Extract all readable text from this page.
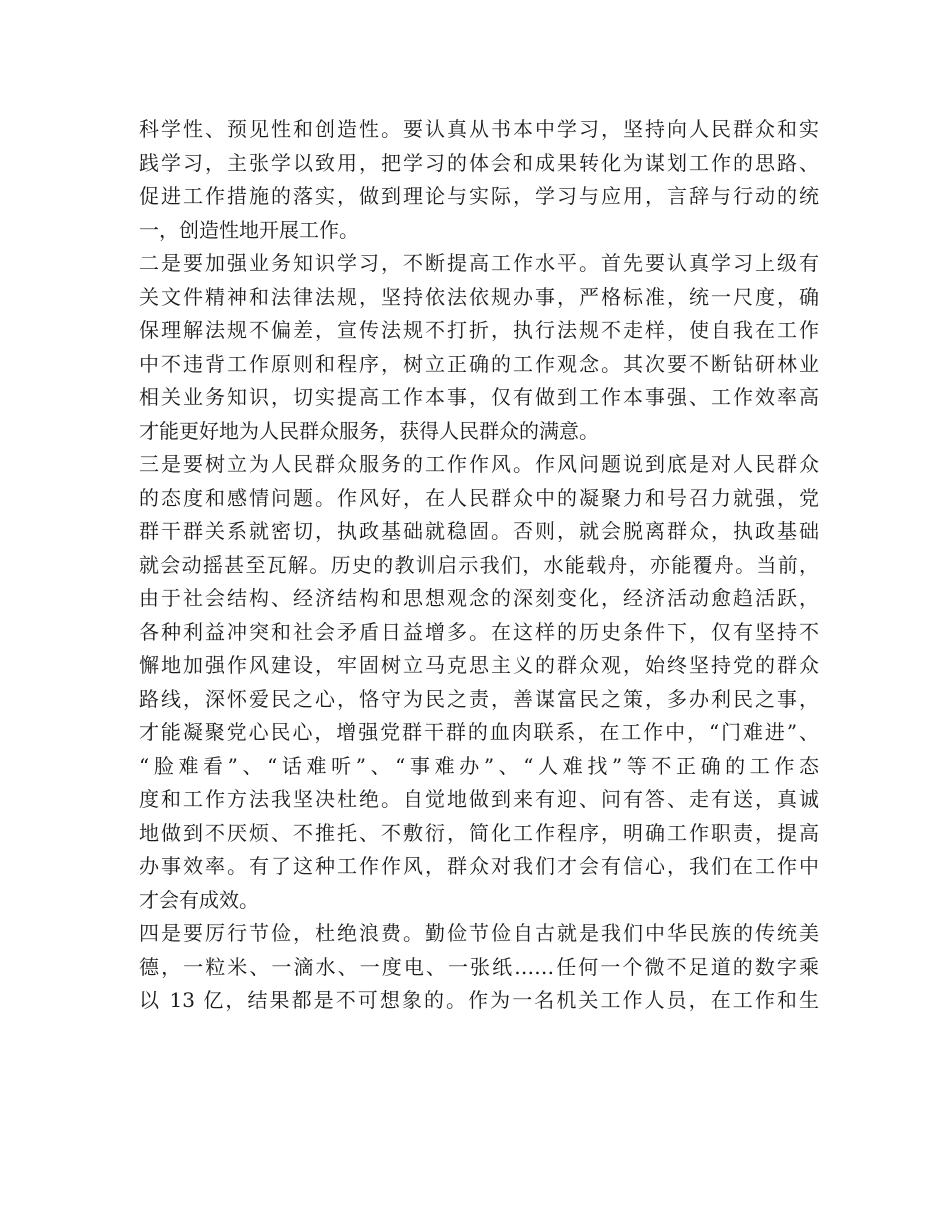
科学性、预见性和创造性。要认真从书本中学习，坚持向人民群众和实
践学习，主张学以致用，把学习的体会和成果转化为谋划工作的思路、
促进工作措施的落实，做到理论与实际，学习与应用，言辞与行动的统
一，创造性地开展工作。
二是要加强业务知识学习，不断提高工作水平。首先要认真学习上级有
关文件精神和法律法规，坚持依法依规办事，严格标准，统一尺度，确
保理解法规不偏差，宣传法规不打折，执行法规不走样，使自我在工作
中不违背工作原则和程序，树立正确的工作观念。其次要不断钻研林业
相关业务知识，切实提高工作本事，仅有做到工作本事强、工作效率高
才能更好地为人民群众服务，获得人民群众的满意。
三是要树立为人民群众服务的工作作风。作风问题说到底是对人民群众
的态度和感情问题。作风好，在人民群众中的凝聚力和号召力就强，党
群干群关系就密切，执政基础就稳固。否则，就会脱离群众，执政基础
就会动摇甚至瓦解。历史的教训启示我们，水能载舟，亦能覆舟。当前，
由于社会结构、经济结构和思想观念的深刻变化，经济活动愈趋活跃，
各种利益冲突和社会矛盾日益增多。在这样的历史条件下，仅有坚持不
懈地加强作风建设，牢固树立马克思主义的群众观，始终坚持党的群众
路线，深怀爱民之心，恪守为民之责，善谋富民之策，多办利民之事，
才能凝聚党心民心，增强党群干群的血肉联系，在工作中，“门难进”、
“脸难看”、“话难听”、“事难办”、“人难找”等不正确的工作态
度和工作方法我坚决杜绝。自觉地做到来有迎、问有答、走有送，真诚
地做到不厌烦、不推托、不敷衍，简化工作程序，明确工作职责，提高
办事效率。有了这种工作作风，群众对我们才会有信心，我们在工作中
才会有成效。
四是要厉行节俭，杜绝浪费。勤俭节俭自古就是我们中华民族的传统美
德，一粒米、一滴水、一度电、一张纸……任何一个微不足道的数字乘
以 13 亿，结果都是不可想象的。作为一名机关工作人员，在工作和生
